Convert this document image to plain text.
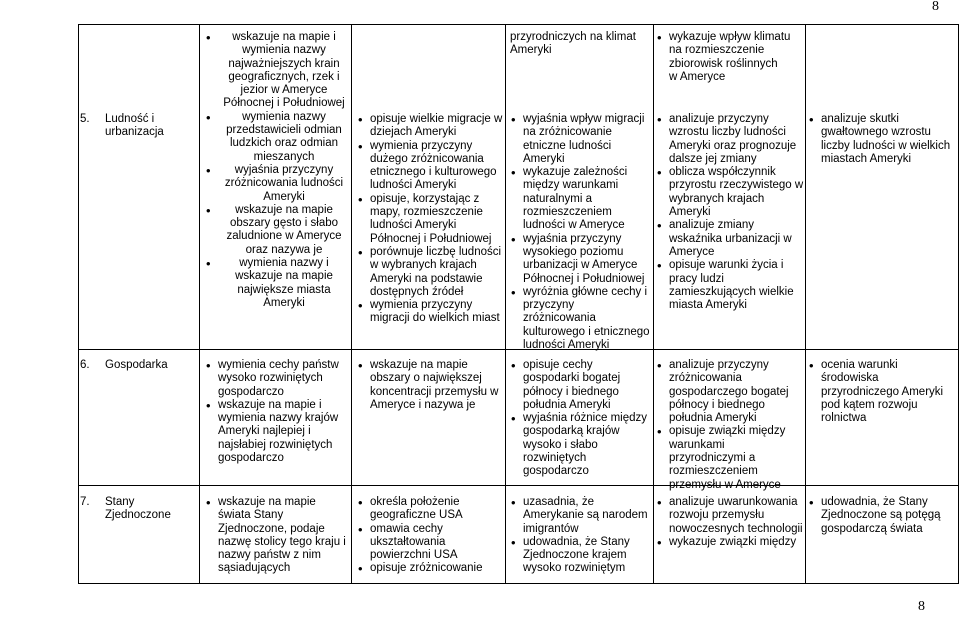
8
5.	Ludność i urbanizacja
• wskazuje na mapie i wymienia nazwy najważniejszych krain geograficznych, rzek i jezior w Ameryce Północnej i Południowej
• wymienia nazwy przedstawicieli odmian ludzkich oraz odmian mieszanych
• wyjaśnia przyczyny zróżnicowania ludności Ameryki
• wskazuje na mapie obszary gęsto i słabo zaludnione w Ameryce oraz nazywa je
• wymienia nazwy i wskazuje na mapie największe miasta Ameryki
• opisuje wielkie migracje w dziejach Ameryki
• wymienia przyczyny dużego zróżnicowania etnicznego i kulturowego ludności Ameryki
• opisuje, korzystając z mapy, rozmieszczenie ludności Ameryki Północnej i Południowej
• porównuje liczbę ludności w wybranych krajach Ameryki na podstawie dostępnych źródeł
• wymienia przyczyny migracji do wielkich miast
przyrodniczych na klimat
Ameryki
• wyjaśnia wpływ migracji na zróżnicowanie etniczne ludności Ameryki
• wykazuje zależności między warunkami naturalnymi a rozmieszczeniem ludności w Ameryce
• wyjaśnia przyczyny wysokiego poziomu urbanizacji w Ameryce Północnej i Południowej
• wyróżnia główne cechy i przyczyny zróżnicowania kulturowego i etnicznego ludności Ameryki
• wykazuje wpływ klimatu
na rozmieszczenie
zbiorowisk roślinnych
w Ameryce
• analizuje przyczyny wzrostu liczby ludności Ameryki oraz prognozuje dalsze jej zmiany
• oblicza współczynnik przyrostu rzeczywistego w wybranych krajach Ameryki
• analizuje zmiany wskaźnika urbanizacji w Ameryce
• opisuje warunki życia i pracy ludzi zamieszkujących wielkie miasta Ameryki
• analizuje skutki gwałtownego wzrostu liczby ludności w wielkich miastach Ameryki
6.	Gospodarka
•	wymienia cechy państw wysoko rozwiniętych gospodarczo
• wskazuje na mapie i wymienia nazwy krajów Ameryki najlepiej i najsłabiej rozwiniętych gospodarczo
• wskazuje na mapie obszary o największej koncentracji przemysłu w Ameryce i nazywa je
• opisuje cechy gospodarki bogatej północy i biednego południa Ameryki
• wyjaśnia różnice między gospodarką krajów wysoko i słabo rozwiniętych gospodarczo
• analizuje przyczyny zróżnicowania gospodarczego bogatej północy i biednego południa Ameryki
• opisuje związki między warunkami przyrodniczymi a rozmieszczeniem przemysłu w Ameryce
• ocenia warunki środowiska przyrodniczego Ameryki pod kątem rozwoju rolnictwa
7.	Stany Zjednoczone
• wskazuje na mapie świata Stany Zjednoczone, podaje nazwę stolicy tego kraju i nazwy państw z nim sąsiadujących
• określa położenie geograficzne USA
• omawia cechy ukształtowania powierzchni USA
• opisuje zróżnicowanie
• uzasadnia, że Amerykanie są narodem imigrantów
• udowadnia, że Stany Zjednoczone krajem wysoko rozwiniętym
• analizuje uwarunkowania rozwoju przemysłu nowoczesnych technologii
• wykazuje związki między
• udowadnia, że Stany Zjednoczone są potęgą gospodarczą świata
8
